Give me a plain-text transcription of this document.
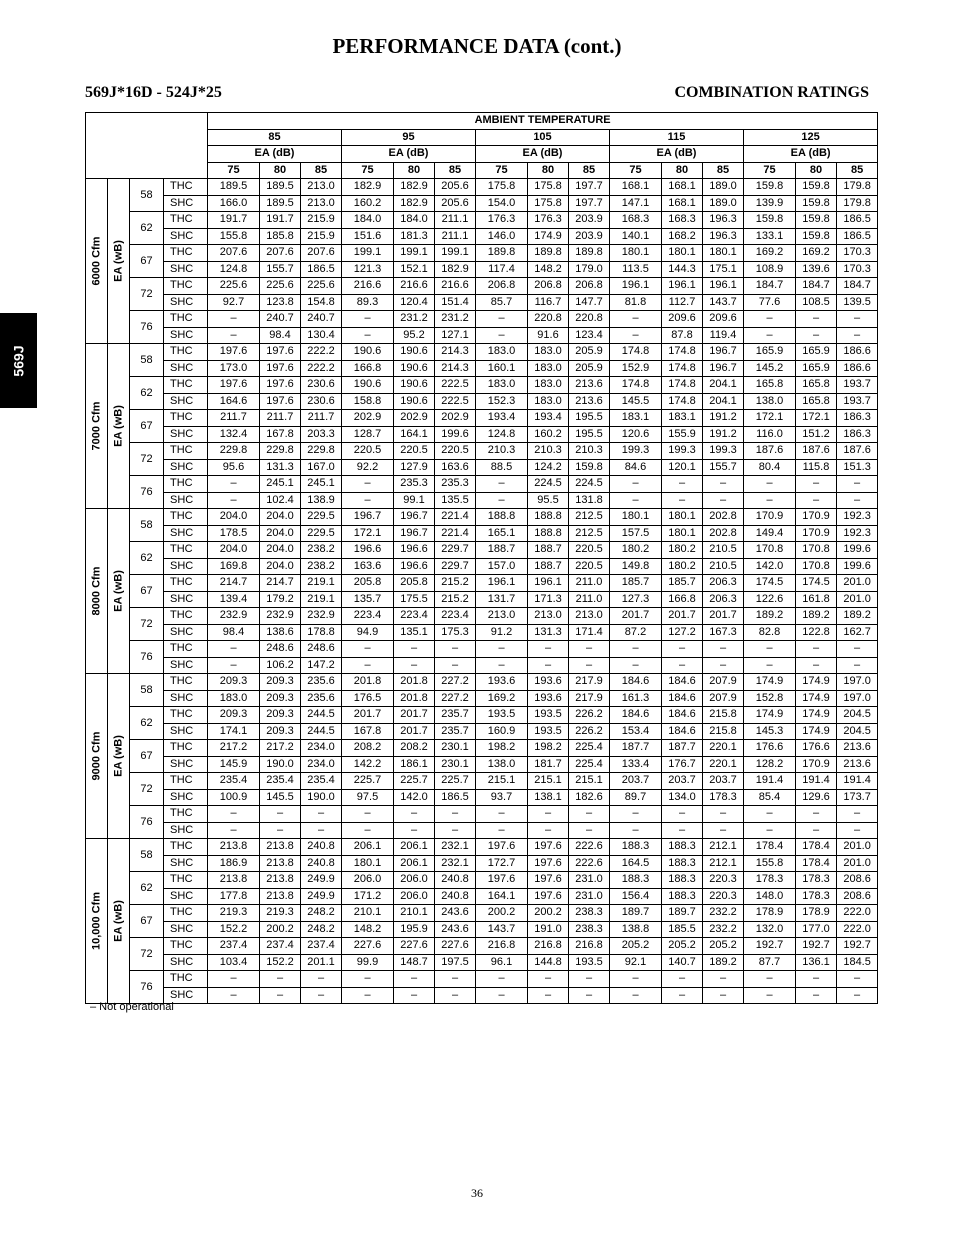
PERFORMANCE DATA (cont.)
569J*16D - 524J*25	COMBINATION RATINGS
569J
				AMBIENT TEMPERATURE														
				85			95			105			115			125		
				EA (dB)			EA (dB)			EA (dB)			EA (dB)			EA (dB)		
				75	80	85	75	80	85	75	80	85	75	80	85	75	80	85

6000 Cfm	EA (wB)	58	THC	189.5	189.5	213.0	182.9	182.9	205.6	175.8	175.8	197.7	168.1	168.1	189.0	159.8	159.8	179.8
			SHC	166.0	189.5	213.0	160.2	182.9	205.6	154.0	175.8	197.7	147.1	168.1	189.0	139.9	159.8	179.8
		62	THC	191.7	191.7	215.9	184.0	184.0	211.1	176.3	176.3	203.9	168.3	168.3	196.3	159.8	159.8	186.5
			SHC	155.8	185.8	215.9	151.6	181.3	211.1	146.0	174.9	203.9	140.1	168.2	196.3	133.1	159.8	186.5
		67	THC	207.6	207.6	207.6	199.1	199.1	199.1	189.8	189.8	189.8	180.1	180.1	180.1	169.2	169.2	170.3
			SHC	124.8	155.7	186.5	121.3	152.1	182.9	117.4	148.2	179.0	113.5	144.3	175.1	108.9	139.6	170.3
		72	THC	225.6	225.6	225.6	216.6	216.6	216.6	206.8	206.8	206.8	196.1	196.1	196.1	184.7	184.7	184.7
			SHC	92.7	123.8	154.8	89.3	120.4	151.4	85.7	116.7	147.7	81.8	112.7	143.7	77.6	108.5	139.5
		76	THC	–	240.7	240.7	–	231.2	231.2	–	220.8	220.8	–	209.6	209.6	–	–	–
			SHC	–	98.4	130.4	–	95.2	127.1	–	91.6	123.4	–	87.8	119.4	–	–	–

7000 Cfm	EA (wB)	58	THC	197.6	197.6	222.2	190.6	190.6	214.3	183.0	183.0	205.9	174.8	174.8	196.7	165.9	165.9	186.6
			SHC	173.0	197.6	222.2	166.8	190.6	214.3	160.1	183.0	205.9	152.9	174.8	196.7	145.2	165.9	186.6
		62	THC	197.6	197.6	230.6	190.6	190.6	222.5	183.0	183.0	213.6	174.8	174.8	204.1	165.8	165.8	193.7
			SHC	164.6	197.6	230.6	158.8	190.6	222.5	152.3	183.0	213.6	145.5	174.8	204.1	138.0	165.8	193.7
		67	THC	211.7	211.7	211.7	202.9	202.9	202.9	193.4	193.4	195.5	183.1	183.1	191.2	172.1	172.1	186.3
			SHC	132.4	167.8	203.3	128.7	164.1	199.6	124.8	160.2	195.5	120.6	155.9	191.2	116.0	151.2	186.3
		72	THC	229.8	229.8	229.8	220.5	220.5	220.5	210.3	210.3	210.3	199.3	199.3	199.3	187.6	187.6	187.6
			SHC	95.6	131.3	167.0	92.2	127.9	163.6	88.5	124.2	159.8	84.6	120.1	155.7	80.4	115.8	151.3
		76	THC	–	245.1	245.1	–	235.3	235.3	–	224.5	224.5	–	–	–	–	–	–
			SHC	–	102.4	138.9	–	99.1	135.5	–	95.5	131.8	–	–	–	–	–	–

8000 Cfm	EA (wB)	58	THC	204.0	204.0	229.5	196.7	196.7	221.4	188.8	188.8	212.5	180.1	180.1	202.8	170.9	170.9	192.3
			SHC	178.5	204.0	229.5	172.1	196.7	221.4	165.1	188.8	212.5	157.5	180.1	202.8	149.4	170.9	192.3
		62	THC	204.0	204.0	238.2	196.6	196.6	229.7	188.7	188.7	220.5	180.2	180.2	210.5	170.8	170.8	199.6
			SHC	169.8	204.0	238.2	163.6	196.6	229.7	157.0	188.7	220.5	149.8	180.2	210.5	142.0	170.8	199.6
		67	THC	214.7	214.7	219.1	205.8	205.8	215.2	196.1	196.1	211.0	185.7	185.7	206.3	174.5	174.5	201.0
			SHC	139.4	179.2	219.1	135.7	175.5	215.2	131.7	171.3	211.0	127.3	166.8	206.3	122.6	161.8	201.0
		72	THC	232.9	232.9	232.9	223.4	223.4	223.4	213.0	213.0	213.0	201.7	201.7	201.7	189.2	189.2	189.2
			SHC	98.4	138.6	178.8	94.9	135.1	175.3	91.2	131.3	171.4	87.2	127.2	167.3	82.8	122.8	162.7
		76	THC	–	248.6	248.6	–	–	–	–	–	–	–	–	–	–	–	–
			SHC	–	106.2	147.2	–	–	–	–	–	–	–	–	–	–	–	–

9000 Cfm	EA (wB)	58	THC	209.3	209.3	235.6	201.8	201.8	227.2	193.6	193.6	217.9	184.6	184.6	207.9	174.9	174.9	197.0
			SHC	183.0	209.3	235.6	176.5	201.8	227.2	169.2	193.6	217.9	161.3	184.6	207.9	152.8	174.9	197.0
		62	THC	209.3	209.3	244.5	201.7	201.7	235.7	193.5	193.5	226.2	184.6	184.6	215.8	174.9	174.9	204.5
			SHC	174.1	209.3	244.5	167.8	201.7	235.7	160.9	193.5	226.2	153.4	184.6	215.8	145.3	174.9	204.5
		67	THC	217.2	217.2	234.0	208.2	208.2	230.1	198.2	198.2	225.4	187.7	187.7	220.1	176.6	176.6	213.6
			SHC	145.9	190.0	234.0	142.2	186.1	230.1	138.0	181.7	225.4	133.4	176.7	220.1	128.2	170.9	213.6
		72	THC	235.4	235.4	235.4	225.7	225.7	225.7	215.1	215.1	215.1	203.7	203.7	203.7	191.4	191.4	191.4
			SHC	100.9	145.5	190.0	97.5	142.0	186.5	93.7	138.1	182.6	89.7	134.0	178.3	85.4	129.6	173.7
		76	THC	–	–	–	–	–	–	–	–	–	–	–	–	–	–	–
			SHC	–	–	–	–	–	–	–	–	–	–	–	–	–	–	–

10,000 Cfm	EA (wB)	58	THC	213.8	213.8	240.8	206.1	206.1	232.1	197.6	197.6	222.6	188.3	188.3	212.1	178.4	178.4	201.0
			SHC	186.9	213.8	240.8	180.1	206.1	232.1	172.7	197.6	222.6	164.5	188.3	212.1	155.8	178.4	201.0
		62	THC	213.8	213.8	249.9	206.0	206.0	240.8	197.6	197.6	231.0	188.3	188.3	220.3	178.3	178.3	208.6
			SHC	177.8	213.8	249.9	171.2	206.0	240.8	164.1	197.6	231.0	156.4	188.3	220.3	148.0	178.3	208.6
		67	THC	219.3	219.3	248.2	210.1	210.1	243.6	200.2	200.2	238.3	189.7	189.7	232.2	178.9	178.9	222.0
			SHC	152.2	200.2	248.2	148.2	195.9	243.6	143.7	191.0	238.3	138.8	185.5	232.2	132.0	177.0	222.0
		72	THC	237.4	237.4	237.4	227.6	227.6	227.6	216.8	216.8	216.8	205.2	205.2	205.2	192.7	192.7	192.7
			SHC	103.4	152.2	201.1	99.9	148.7	197.5	96.1	144.8	193.5	92.1	140.7	189.2	87.7	136.1	184.5
		76	THC	–	–	–	–	–	–	–	–	–	–	–	–	–	–	–
			SHC	–	–	–	–	–	–	–	–	–	–	–	–	–	–	–
– Not operational
36
